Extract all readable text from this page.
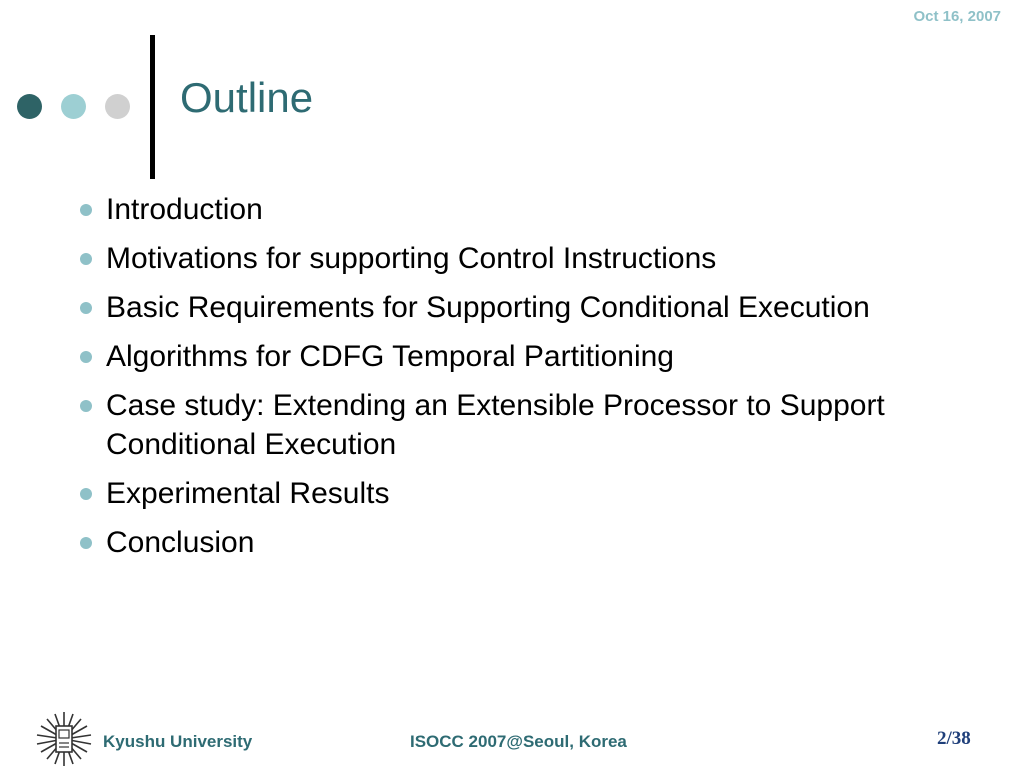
Oct 16, 2007
Outline
Introduction
Motivations for supporting Control Instructions
Basic Requirements for Supporting Conditional Execution
Algorithms for CDFG Temporal Partitioning
Case study: Extending an Extensible Processor to Support Conditional Execution
Experimental Results
Conclusion
Kyushu University	ISOCC 2007@Seoul, Korea	2/38
